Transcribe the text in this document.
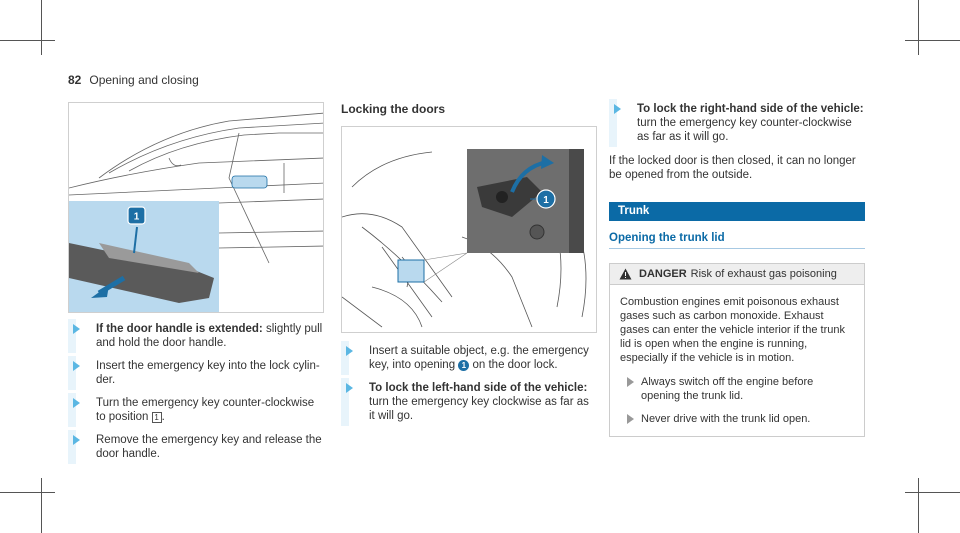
82 Opening and closing
1
If the door handle is extended: slightly pull and hold the door handle.
Insert the emergency key into the lock cylin-der.
Turn the emergency key counter-clockwise to position 1 .
Remove the emergency key and release the door handle.
Locking the doors
1
Insert a suitable object, e.g. the emergency key, into opening 1 on the door lock.
To lock the left-hand side of the vehicle:
turn the emergency key clockwise as far as it will go.
To lock the right-hand side of the vehicle:
turn the emergency key counter-clockwise as far as it will go.
If the locked door is then closed, it can no longer be opened from the outside.
Trunk
Opening the trunk lid
DANGER Risk of exhaust gas poisoning
Combustion engines emit poisonous exhaust gases such as carbon monoxide. Exhaust gases can enter the vehicle interior if the trunk lid is open when the engine is running, especially if the vehicle is in motion.
Always switch off the engine before opening the trunk lid.
Never drive with the trunk lid open.
